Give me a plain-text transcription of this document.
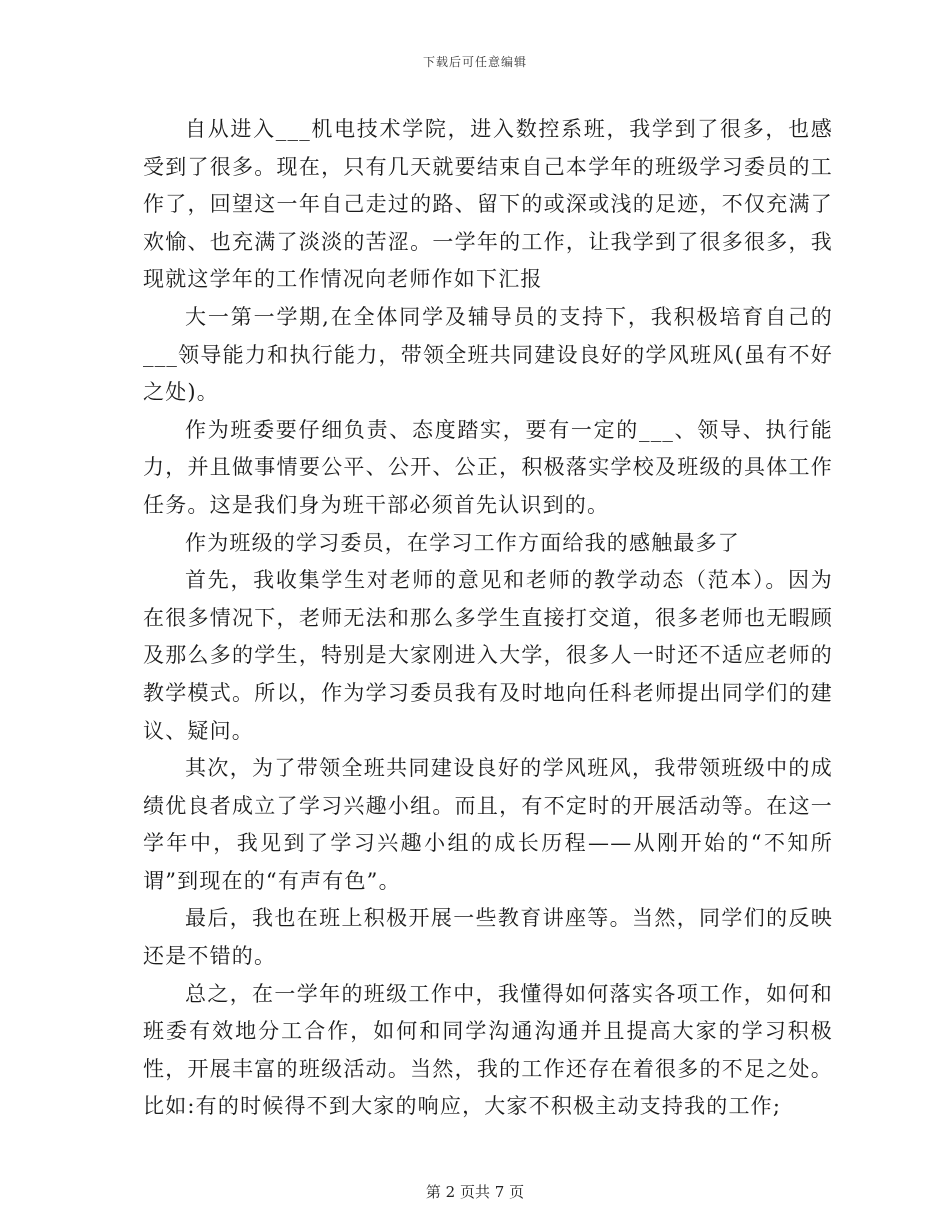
下载后可任意编辑

自从进入___机电技术学院，进入数控系班，我学到了很多，也感受到了很多。现在，只有几天就要结束自己本学年的班级学习委员的工作了，回望这一年自己走过的路、留下的或深或浅的足迹，不仅充满了欢愉、也充满了淡淡的苦涩。一学年的工作，让我学到了很多很多，我现就这学年的工作情况向老师作如下汇报

大一第一学期,在全体同学及辅导员的支持下，我积极培育自己的___领导能力和执行能力，带领全班共同建设良好的学风班风(虽有不好之处)。

作为班委要仔细负责、态度踏实，要有一定的___、领导、执行能力，并且做事情要公平、公开、公正，积极落实学校及班级的具体工作任务。这是我们身为班干部必须首先认识到的。

作为班级的学习委员，在学习工作方面给我的感触最多了

首先，我收集学生对老师的意见和老师的教学动态（范本）。因为在很多情况下，老师无法和那么多学生直接打交道，很多老师也无暇顾及那么多的学生，特别是大家刚进入大学，很多人一时还不适应老师的教学模式。所以，作为学习委员我有及时地向任科老师提出同学们的建议、疑问。

其次，为了带领全班共同建设良好的学风班风，我带领班级中的成绩优良者成立了学习兴趣小组。而且，有不定时的开展活动等。在这一学年中，我见到了学习兴趣小组的成长历程——从刚开始的“不知所谓”到现在的“有声有色”。

最后，我也在班上积极开展一些教育讲座等。当然，同学们的反映还是不错的。

总之，在一学年的班级工作中，我懂得如何落实各项工作，如何和班委有效地分工合作，如何和同学沟通沟通并且提高大家的学习积极性，开展丰富的班级活动。当然，我的工作还存在着很多的不足之处。比如:有的时候得不到大家的响应，大家不积极主动支持我的工作;

第 2 页共 7 页
